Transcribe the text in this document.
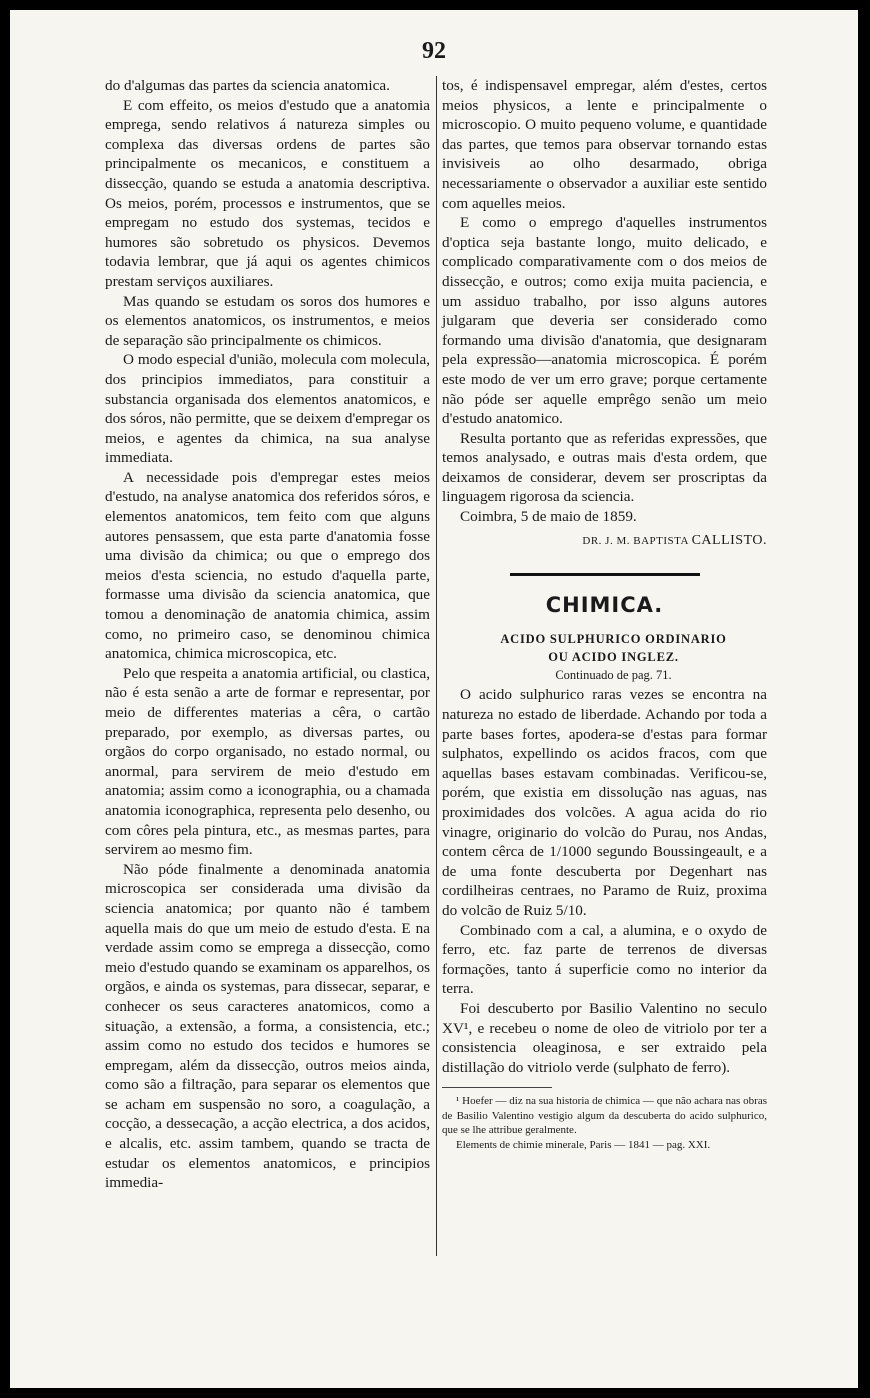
92

do d'algumas das partes da sciencia anatomica.

E com effeito, os meios d'estudo que a anatomia emprega, sendo relativos á natureza simples ou complexa das diversas ordens de partes são principalmente os mecanicos, e constituem a dissecção, quando se estuda a anatomia descriptiva. Os meios, porém, processos e instrumentos, que se empregam no estudo dos systemas, tecidos e humores são sobretudo os physicos. Devemos todavia lembrar, que já aqui os agentes chimicos prestam serviços auxiliares.

Mas quando se estudam os soros dos humores e os elementos anatomicos, os instrumentos, e meios de separação são principalmente os chimicos.

O modo especial d'união, molecula com molecula, dos principios immediatos, para constituir a substancia organisada dos elementos anatomicos, e dos sóros, não permitte, que se deixem d'empregar os meios, e agentes da chimica, na sua analyse immediata.

A necessidade pois d'empregar estes meios d'estudo, na analyse anatomica dos referidos sóros, e elementos anatomicos, tem feito com que alguns autores pensassem, que esta parte d'anatomia fosse uma divisão da chimica; ou que o emprego dos meios d'esta sciencia, no estudo d'aquella parte, formasse uma divisão da sciencia anatomica, que tomou a denominação de anatomia chimica, assim como, no primeiro caso, se denominou chimica anatomica, chimica microscopica, etc.

Pelo que respeita a anatomia artificial, ou clastica, não é esta senão a arte de formar e representar, por meio de differentes materias a cêra, o cartão preparado, por exemplo, as diversas partes, ou orgãos do corpo organisado, no estado normal, ou anormal, para servirem de meio d'estudo em anatomia; assim como a iconographia, ou a chamada anatomia iconographica, representa pelo desenho, ou com côres pela pintura, etc., as mesmas partes, para servirem ao mesmo fim.

Não póde finalmente a denominada anatomia microscopica ser considerada uma divisão da sciencia anatomica; por quanto não é tambem aquella mais do que um meio de estudo d'esta. E na verdade assim como se emprega a dissecção, como meio d'estudo quando se examinam os apparelhos, os orgãos, e ainda os systemas, para dissecar, separar, e conhecer os seus caracteres anatomicos, como a situação, a extensão, a forma, a consistencia, etc.; assim como no estudo dos tecidos e humores se empregam, além da dissecção, outros meios ainda, como são a filtração, para separar os elementos que se acham em suspensão no soro, a coagulação, a cocção, a dessecação, a acção electrica, a dos acidos, e alcalis, etc. assim tambem, quando se tracta de estudar os elementos anatomicos, e principios immedia-

tos, é indispensavel empregar, além d'estes, certos meios physicos, a lente e principalmente o microscopio. O muito pequeno volume, e quantidade das partes, que temos para observar tornando estas invisiveis ao olho desarmado, obriga necessariamente o observador a auxiliar este sentido com aquelles meios.

E como o emprego d'aquelles instrumentos d'optica seja bastante longo, muito delicado, e complicado comparativamente com o dos meios de dissecção, e outros; como exija muita paciencia, e um assiduo trabalho, por isso alguns autores julgaram que deveria ser considerado como formando uma divisão d'anatomia, que designaram pela expressão—anatomia microscopica. É porém este modo de ver um erro grave; porque certamente não póde ser aquelle emprêgo senão um meio d'estudo anatomico.

Resulta portanto que as referidas expressões, que temos analysado, e outras mais d'esta ordem, que deixamos de considerar, devem ser proscriptas da linguagem rigorosa da sciencia.

Coimbra, 5 de maio de 1859.

DR. J. M. BAPTISTA CALLISTO.
CHIMICA.

ACIDO SULPHURICO ORDINARIO

OU ACIDO INGLEZ.

Continuado de pag. 71.

O acido sulphurico raras vezes se encontra na natureza no estado de liberdade. Achando por toda a parte bases fortes, apodera-se d'estas para formar sulphatos, expellindo os acidos fracos, com que aquellas bases estavam combinadas. Verificou-se, porém, que existia em dissolução nas aguas, nas proximidades dos volcões. A agua acida do rio vinagre, originario do volcão do Purau, nos Andas, contem cêrca de 1/1000 segundo Boussingeault, e a de uma fonte descuberta por Degenhart nas cordilheiras centraes, no Paramo de Ruiz, proxima do volcão de Ruiz 5/10.

Combinado com a cal, a alumina, e o oxydo de ferro, etc. faz parte de terrenos de diversas formações, tanto á superficie como no interior da terra.

Foi descuberto por Basilio Valentino no seculo XV¹, e recebeu o nome de oleo de vitriolo por ter a consistencia oleaginosa, e ser extraido pela distillação do vitriolo verde (sulphato de ferro).

¹ Hoefer — diz na sua historia de chimica — que não achara nas obras de Basilio Valentino vestigio algum da descuberta do acido sulphurico, que se lhe attribue geralmente.

Elements de chimie minerale, Paris — 1841 — pag. XXI.
